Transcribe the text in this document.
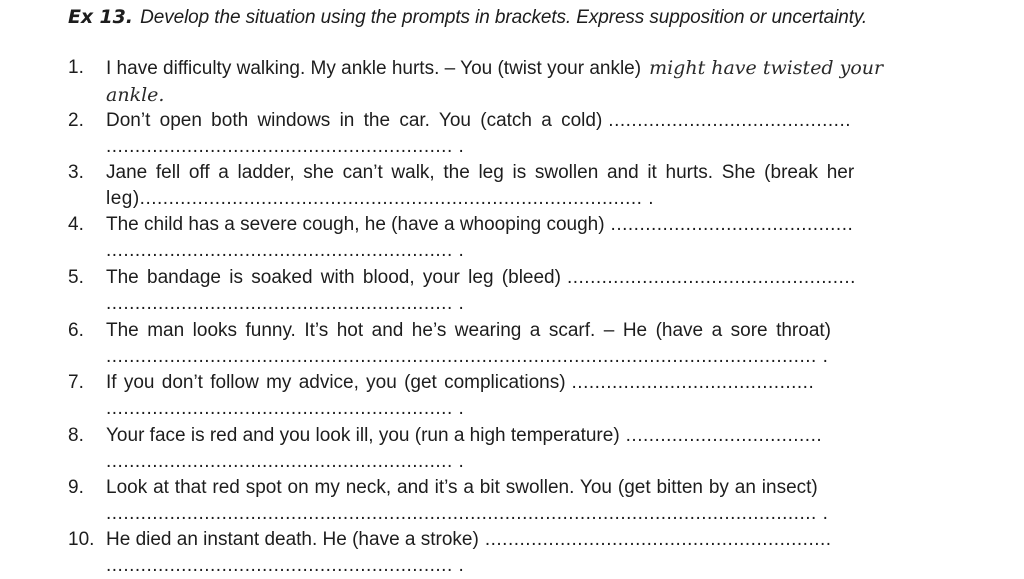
Ex 13. Develop the situation using the prompts in brackets. Express supposition or uncertainty.
1.	I have difficulty walking. My ankle hurts. – You (twist your ankle) might have twisted your
ankle.
2.	Don’t open both windows in the car. You (catch a cold) ..........................................
............................................................ .
3.	Jane fell off a ladder, she can’t walk, the leg is swollen and it hurts. She (break her
leg)....................................................................................... .
4.	The child has a severe cough, he (have a whooping cough) ..........................................
............................................................ .
5.	The bandage is soaked with blood, your leg (bleed) ..................................................
............................................................ .
6.	The man looks funny. It’s hot and he’s wearing a scarf. – He (have a sore throat)
........................................................................................................................... .
7.	If you don’t follow my advice, you (get complications) ..........................................
............................................................ .
8.	Your face is red and you look ill, you (run a high temperature) ..................................
............................................................ .
9.	Look at that red spot on my neck, and it’s a bit swollen. You (get bitten by an insect)
........................................................................................................................... .
10. He died an instant death. He (have a stroke) ............................................................
............................................................ .
